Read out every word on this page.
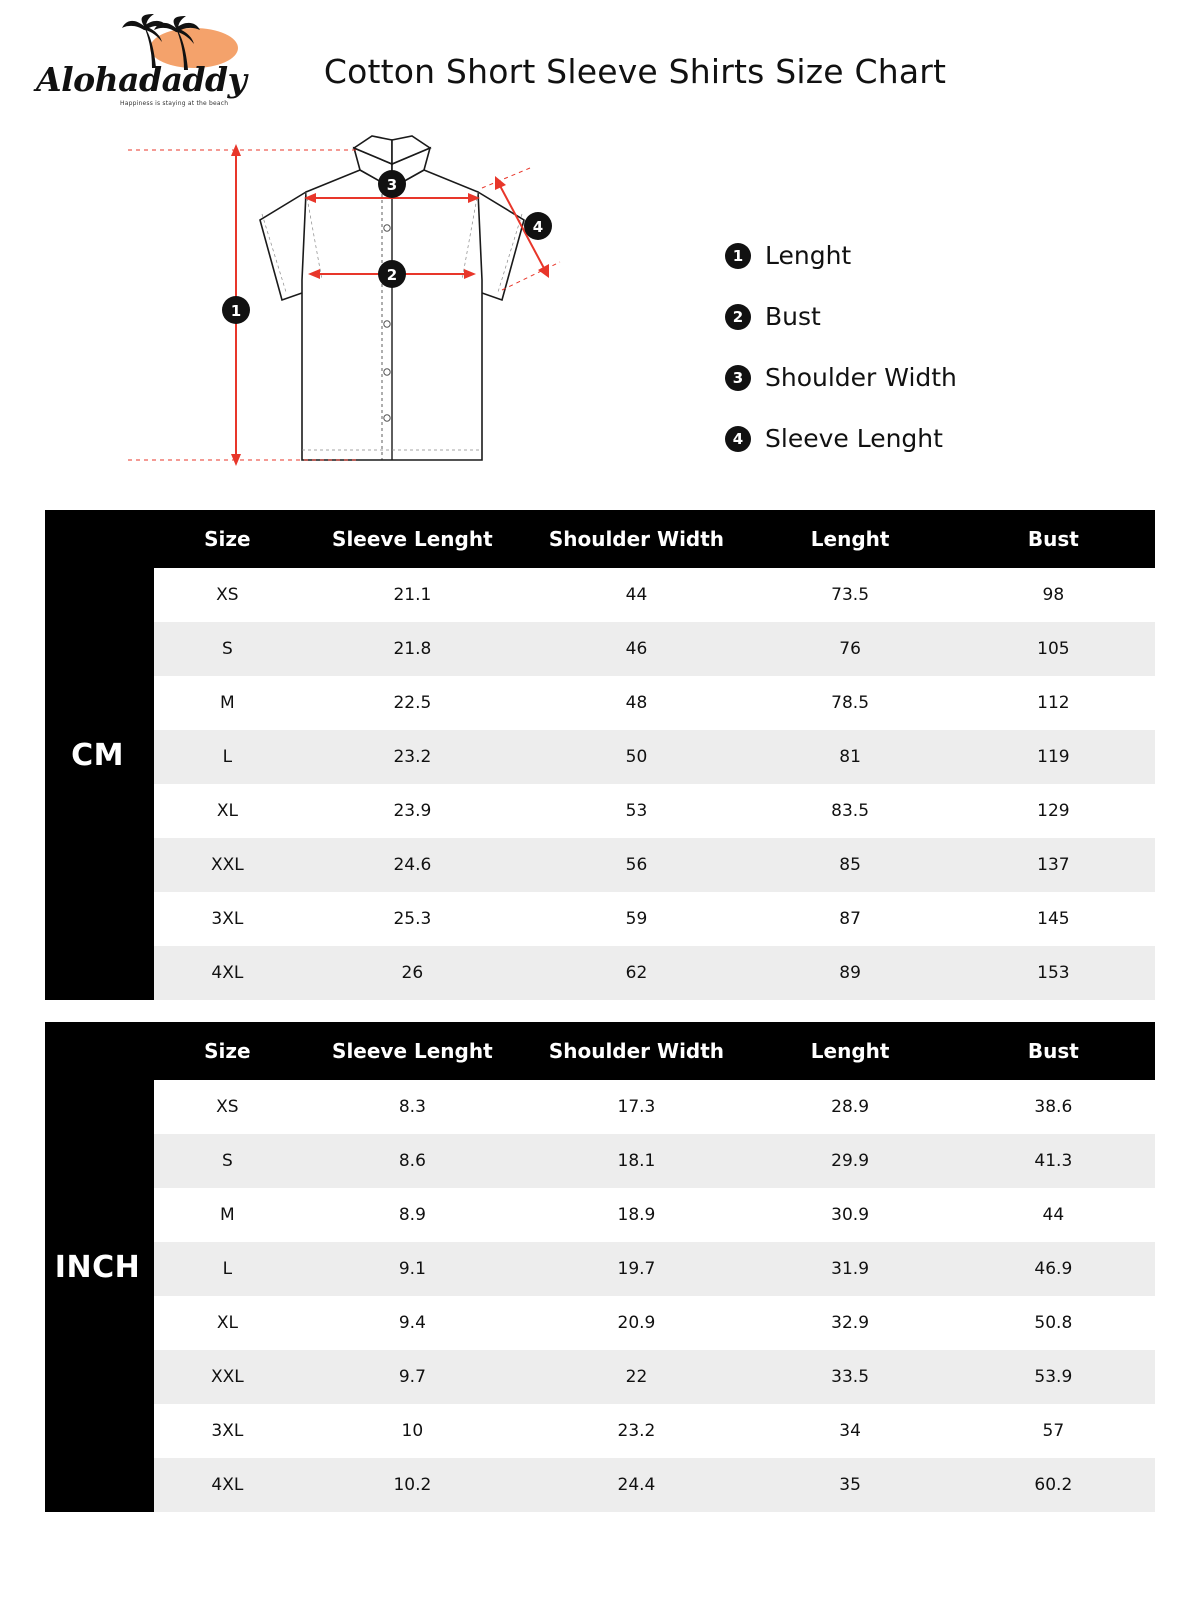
Alohadaddy
Happiness is staying at the beach
Cotton Short Sleeve Shirts Size Chart
1
2
3
4
1 Lenght
2 Bust
3 Shoulder Width
4 Sleeve Lenght
CM
	Size	Sleeve Lenght	Shoulder Width	Lenght	Bust
	XS	21.1	44	73.5	98
	S	21.8	46	76	105
	M	22.5	48	78.5	112
	L	23.2	50	81	119
	XL	23.9	53	83.5	129
	XXL	24.6	56	85	137
	3XL	25.3	59	87	145
	4XL	26	62	89	153
INCH
	Size	Sleeve Lenght	Shoulder Width	Lenght	Bust
	XS	8.3	17.3	28.9	38.6
	S	8.6	18.1	29.9	41.3
	M	8.9	18.9	30.9	44
	L	9.1	19.7	31.9	46.9
	XL	9.4	20.9	32.9	50.8
	XXL	9.7	22	33.5	53.9
	3XL	10	23.2	34	57
	4XL	10.2	24.4	35	60.2
